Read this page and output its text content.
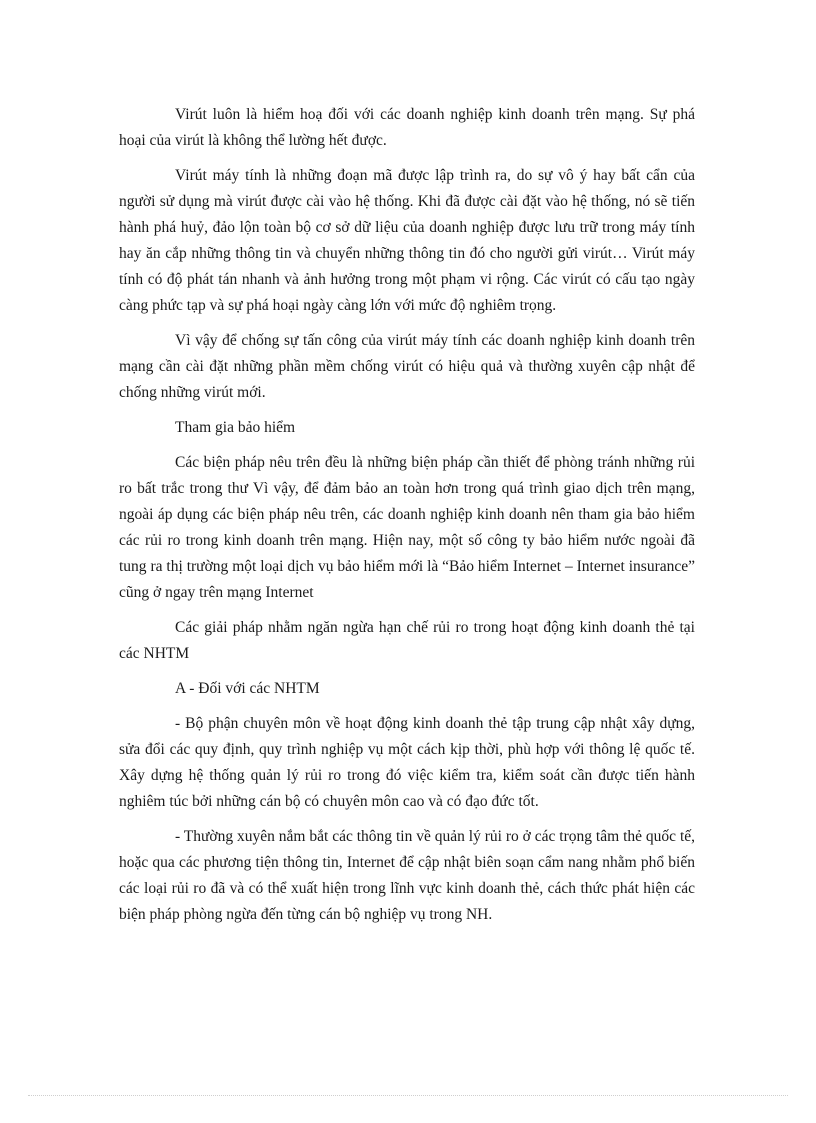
Virút luôn là hiểm hoạ đối với các doanh nghiệp kinh doanh trên mạng. Sự phá hoại của virút là không thể lường hết được.

Virút máy tính là những đoạn mã được lập trình ra, do sự vô ý hay bất cẩn của người sử dụng mà virút được cài vào hệ thống. Khi đã được cài đặt vào hệ thống, nó sẽ tiến hành phá huỷ, đảo lộn toàn bộ cơ sở dữ liệu của doanh nghiệp được lưu trữ trong máy tính hay ăn cắp những thông tin và chuyển những thông tin đó cho người gửi virút… Virút máy tính có độ phát tán nhanh và ảnh hưởng trong một phạm vi rộng. Các virút có cấu tạo ngày càng phức tạp và sự phá hoại ngày càng lớn với mức độ nghiêm trọng.

Vì vậy để chống sự tấn công của virút máy tính các doanh nghiệp kinh doanh trên mạng cần cài đặt những phần mềm chống virút có hiệu quả và thường xuyên cập nhật để chống những virút mới.

Tham gia bảo hiểm

Các biện pháp nêu trên đều là những biện pháp cần thiết để phòng tránh những rủi ro bất trắc trong thư Vì vậy, để đảm bảo an toàn hơn trong quá trình giao dịch trên mạng, ngoài áp dụng các biện pháp nêu trên, các doanh nghiệp kinh doanh nên tham gia bảo hiểm các rủi ro trong kinh doanh trên mạng. Hiện nay, một số công ty bảo hiểm nước ngoài đã tung ra thị trường một loại dịch vụ bảo hiểm mới là “Bảo hiểm Internet – Internet insurance” cũng ở ngay trên mạng Internet

Các giải pháp nhằm ngăn ngừa hạn chế rủi ro trong hoạt động kinh doanh thẻ tại các NHTM

A - Đối với các NHTM

- Bộ phận chuyên môn về hoạt động kinh doanh thẻ tập trung cập nhật xây dựng, sửa đổi các quy định, quy trình nghiệp vụ một cách kịp thời, phù hợp với thông lệ quốc tế. Xây dựng hệ thống quản lý rủi ro trong đó việc kiểm tra, kiểm soát cần được tiến hành nghiêm túc bởi những cán bộ có chuyên môn cao và có đạo đức tốt.

- Thường xuyên nắm bắt các thông tin về quản lý rủi ro ở các trọng tâm thẻ quốc tế, hoặc qua các phương tiện thông tin, Internet để cập nhật biên soạn cẩm nang nhằm phổ biến các loại rủi ro đã và có thể xuất hiện trong lĩnh vực kinh doanh thẻ, cách thức phát hiện các biện pháp phòng ngừa đến từng cán bộ nghiệp vụ trong NH.
